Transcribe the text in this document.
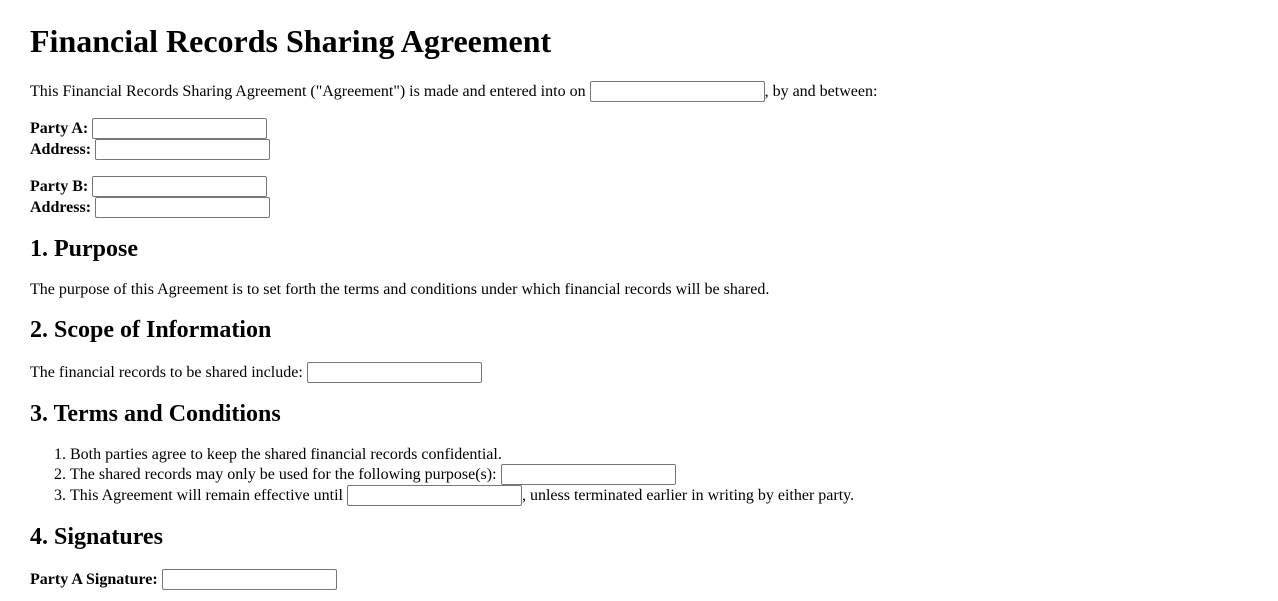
Financial Records Sharing Agreement

This Financial Records Sharing Agreement ("Agreement") is made and entered into on	, by and between:

Party A:
Address:

Party B:
Address:

1. Purpose

The purpose of this Agreement is to set forth the terms and conditions under which financial records will be shared.

2. Scope of Information

The financial records to be shared include:

3. Terms and Conditions
1. Both parties agree to keep the shared financial records confidential.
2. The shared records may only be used for the following purpose(s):
3. This Agreement will remain effective until	, unless terminated earlier in writing by either party.
4. Signatures

Party A Signature:
